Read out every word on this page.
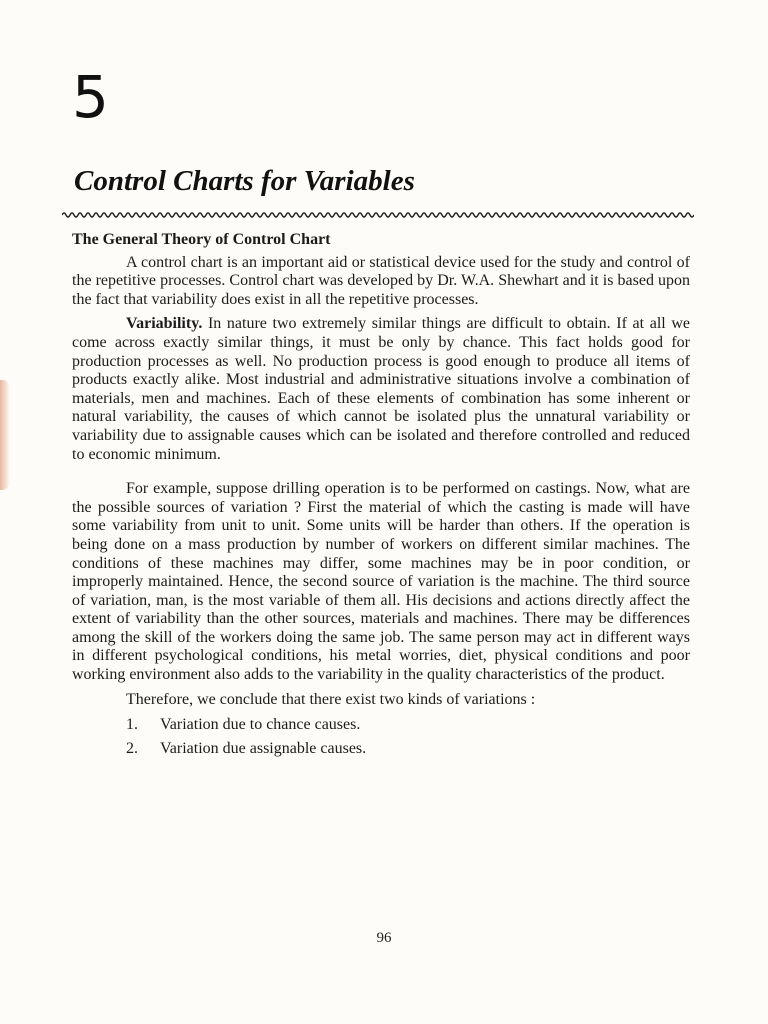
5
Control Charts for Variables
The General Theory of Control Chart

A control chart is an important aid or statistical device used for the study and control of the repetitive processes. Control chart was developed by Dr. W.A. Shewhart and it is based upon the fact that variability does exist in all the repetitive processes.

Variability. In nature two extremely similar things are difficult to obtain. If at all we come across exactly similar things, it must be only by chance. This fact holds good for production processes as well. No production process is good enough to produce all items of products exactly alike. Most industrial and administrative situations involve a combination of materials, men and machines. Each of these elements of combination has some inherent or natural variability, the causes of which cannot be isolated plus the unnatural variability or variability due to assignable causes which can be isolated and therefore controlled and reduced to economic minimum.

For example, suppose drilling operation is to be performed on castings. Now, what are the possible sources of variation ? First the material of which the casting is made will have some variability from unit to unit. Some units will be harder than others. If the operation is being done on a mass production by number of workers on different similar machines. The conditions of these machines may differ, some machines may be in poor condition, or improperly maintained. Hence, the second source of variation is the machine. The third source of variation, man, is the most variable of them all. His decisions and actions directly affect the extent of variability than the other sources, materials and machines. There may be differences among the skill of the workers doing the same job. The same person may act in different ways in different psychological conditions, his metal worries, diet, physical conditions and poor working environment also adds to the variability in the quality characteristics of the product.

Therefore, we conclude that there exist two kinds of variations :

1.	Variation due to chance causes.
2.	Variation due assignable causes.
96
